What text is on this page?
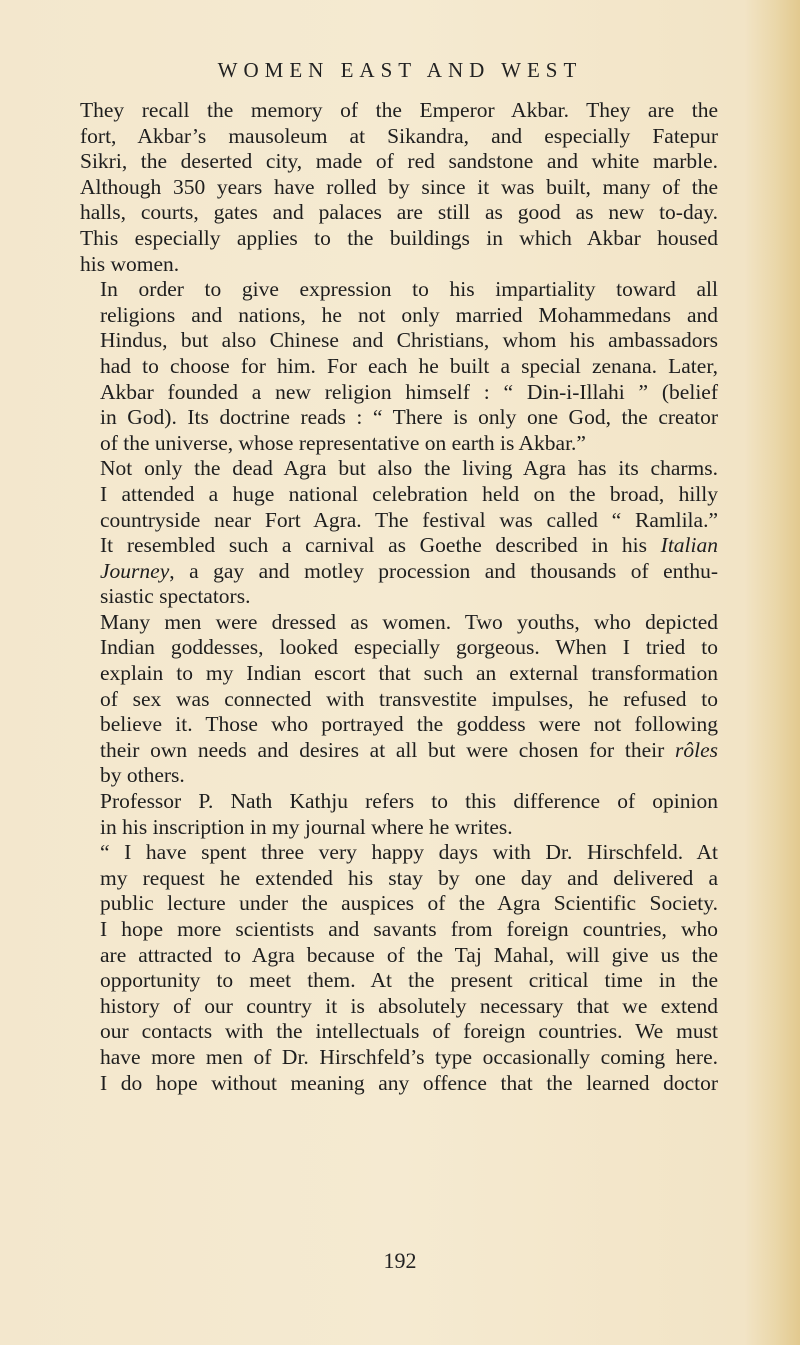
WOMEN EAST AND WEST
They recall the memory of the Emperor Akbar. They are the
fort, Akbar’s mausoleum at Sikandra, and especially Fatepur
Sikri, the deserted city, made of red sandstone and white marble.
Although 350 years have rolled by since it was built, many of the
halls, courts, gates and palaces are still as good as new to-day.
This especially applies to the buildings in which Akbar housed
his women.
In order to give expression to his impartiality toward all
religions and nations, he not only married Mohammedans and
Hindus, but also Chinese and Christians, whom his ambassadors
had to choose for him. For each he built a special zenana. Later,
Akbar founded a new religion himself : “ Din-i-Illahi ” (belief
in God). Its doctrine reads : “ There is only one God, the creator
of the universe, whose representative on earth is Akbar.”
Not only the dead Agra but also the living Agra has its charms.
I attended a huge national celebration held on the broad, hilly
countryside near Fort Agra. The festival was called “ Ramlila.”
It resembled such a carnival as Goethe described in his Italian
Journey, a gay and motley procession and thousands of enthu-
siastic spectators.
Many men were dressed as women. Two youths, who depicted
Indian goddesses, looked especially gorgeous. When I tried to
explain to my Indian escort that such an external transformation
of sex was connected with transvestite impulses, he refused to
believe it. Those who portrayed the goddess were not following
their own needs and desires at all but were chosen for their rôles
by others.
Professor P. Nath Kathju refers to this difference of opinion
in his inscription in my journal where he writes.
“ I have spent three very happy days with Dr. Hirschfeld. At
my request he extended his stay by one day and delivered a
public lecture under the auspices of the Agra Scientific Society.
I hope more scientists and savants from foreign countries, who
are attracted to Agra because of the Taj Mahal, will give us the
opportunity to meet them. At the present critical time in the
history of our country it is absolutely necessary that we extend
our contacts with the intellectuals of foreign countries. We must
have more men of Dr. Hirschfeld’s type occasionally coming here.
I do hope without meaning any offence that the learned doctor
192
